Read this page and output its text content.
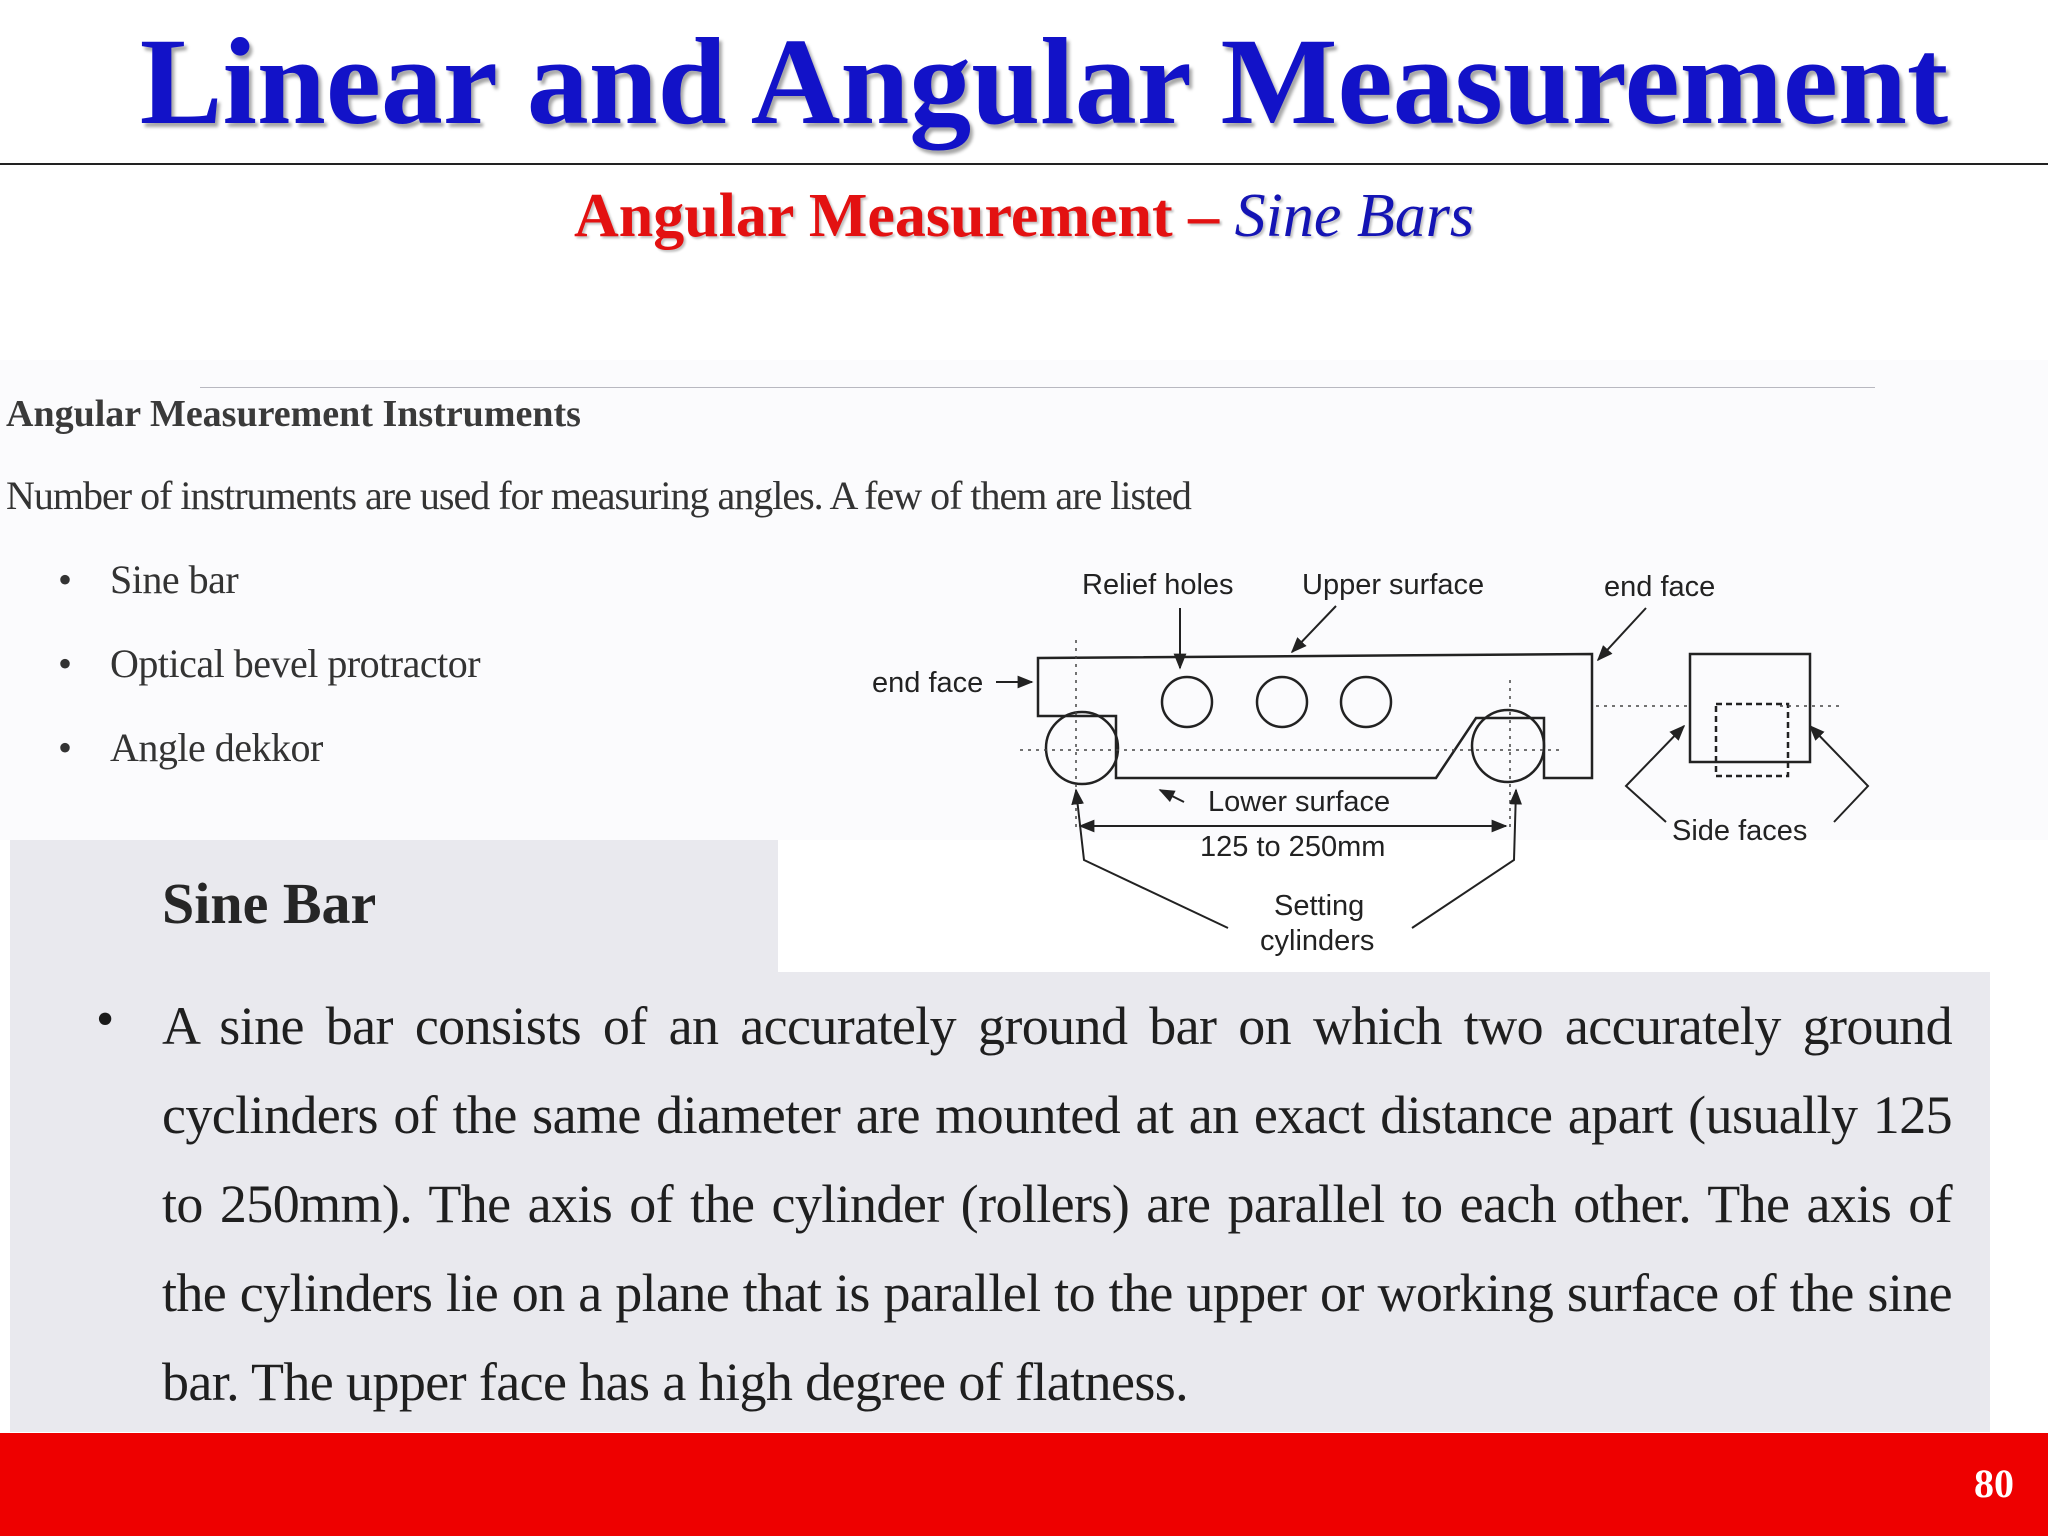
Linear and Angular Measurement
Angular Measurement – Sine Bars
Angular Measurement Instruments
Number of instruments are used for measuring angles. A few of them are listed
• Sine bar
• Optical bevel protractor
• Angle dekkor
Relief holes Upper surface	end face
end face
Lower surface
125 to 250mm	Side faces
Setting
cylinders
Sine Bar
• A sine bar consists of an accurately ground bar on which two accurately ground cyclinders of the same diameter are mounted at an exact distance apart (usually 125 to 250mm). The axis of the cylinder (rollers) are parallel to each other. The axis of the cylinders lie on a plane that is parallel to the upper or working surface of the sine bar. The upper face has a high degree of flatness.
80
